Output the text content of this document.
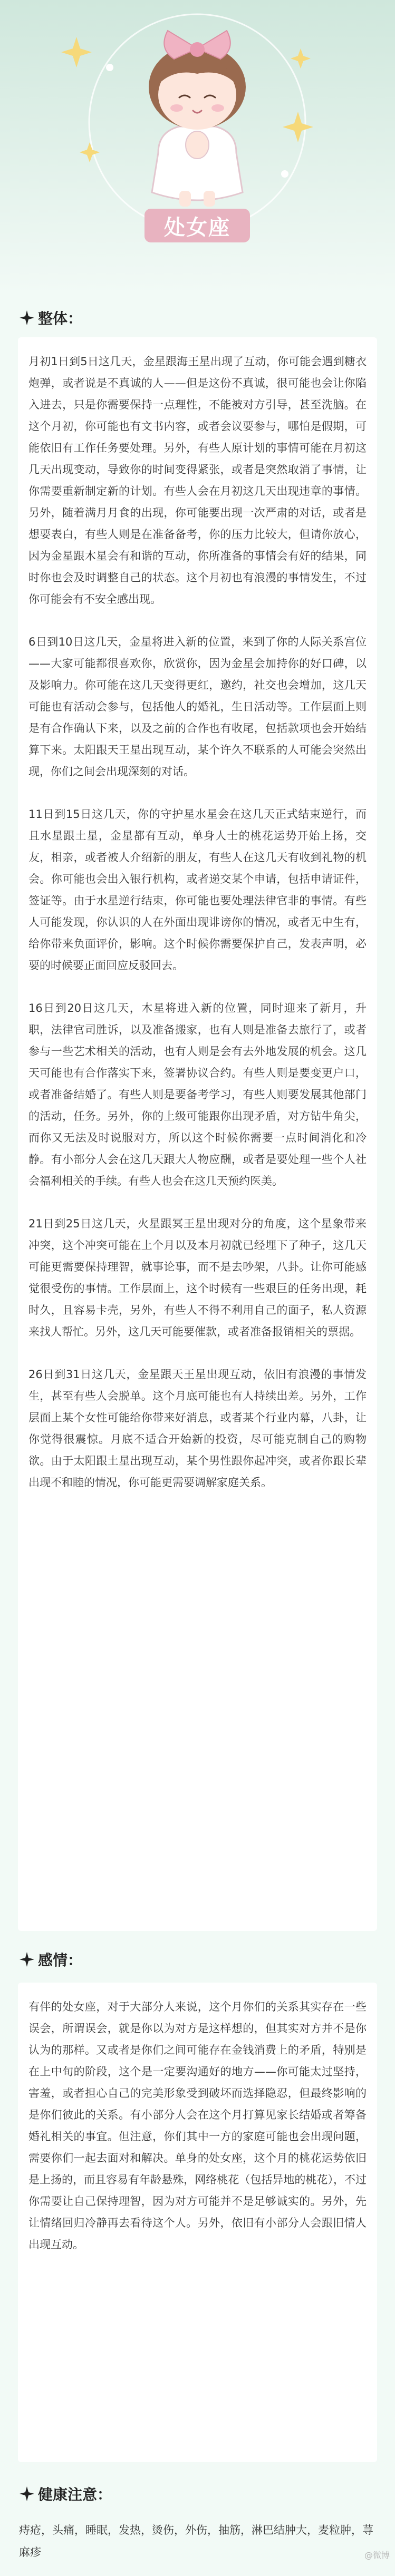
处女座
整体：

月初1日到5日这几天，金星跟海王星出现了互动，你可能会遇到糖衣炮弹，或者说是不真诚的人——但是这份不真诚，很可能也会让你陷入进去，只是你需要保持一点理性，不能被对方引导，甚至洗脑。在这个月初，你可能也有文书内容，或者会议要参与，哪怕是假期，可能依旧有工作任务要处理。另外，有些人原计划的事情可能在月初这几天出现变动，导致你的时间变得紧张，或者是突然取消了事情，让你需要重新制定新的计划。有些人会在月初这几天出现违章的事情。另外，随着满月月食的出现，你可能要出现一次严肃的对话，或者是想要表白，有些人则是在准备备考，你的压力比较大，但请你放心，因为金星跟木星会有和谐的互动，你所准备的事情会有好的结果，同时你也会及时调整自己的状态。这个月初也有浪漫的事情发生，不过你可能会有不安全感出现。

6日到10日这几天，金星将进入新的位置，来到了你的人际关系宫位——大家可能都很喜欢你，欣赏你，因为金星会加持你的好口碑，以及影响力。你可能在这几天变得更红，邀约，社交也会增加，这几天可能也有活动会参与，包括他人的婚礼，生日活动等。工作层面上则是有合作确认下来，以及之前的合作也有收尾，包括款项也会开始结算下来。太阳跟天王星出现互动，某个许久不联系的人可能会突然出现，你们之间会出现深刻的对话。

11日到15日这几天，你的守护星水星会在这几天正式结束逆行，而且水星跟土星，金星都有互动，单身人士的桃花运势开始上扬，交友，相亲，或者被人介绍新的朋友，有些人在这几天有收到礼物的机会。你可能也会出入银行机构，或者递交某个申请，包括申请证件，签证等。由于水星逆行结束，你可能也要处理法律官非的事情。有些人可能发现，你认识的人在外面出现诽谤你的情况，或者无中生有，给你带来负面评价，影响。这个时候你需要保护自己，发表声明，必要的时候要正面回应反驳回去。

16日到20日这几天，木星将进入新的位置，同时迎来了新月，升职，法律官司胜诉，以及准备搬家，也有人则是准备去旅行了，或者参与一些艺术相关的活动，也有人则是会有去外地发展的机会。这几天可能也有合作落实下来，签署协议合约。有些人则是要变更户口，或者准备结婚了。有些人则是要备考学习，有些人则要发展其他部门的活动，任务。另外，你的上级可能跟你出现矛盾，对方钻牛角尖，而你又无法及时说服对方，所以这个时候你需要一点时间消化和冷静。有小部分人会在这几天跟大人物应酬，或者是要处理一些个人社会福利相关的手续。有些人也会在这几天预约医美。

21日到25日这几天，火星跟冥王星出现对分的角度，这个星象带来冲突，这个冲突可能在上个月以及本月初就已经埋下了种子，这几天可能更需要保持理智，就事论事，而不是去吵架，八卦。让你可能感觉很受伤的事情。工作层面上，这个时候有一些艰巨的任务出现，耗时久，且容易卡壳，另外，有些人不得不利用自己的面子，私人资源来找人帮忙。另外，这几天可能要催款，或者准备报销相关的票据。

26日到31日这几天，金星跟天王星出现互动，依旧有浪漫的事情发生，甚至有些人会脱单。这个月底可能也有人持续出差。另外，工作层面上某个女性可能给你带来好消息，或者某个行业内幕，八卦，让你觉得很震惊。月底不适合开始新的投资，尽可能克制自己的购物欲。由于太阳跟土星出现互动，某个男性跟你起冲突，或者你跟长辈出现不和睦的情况，你可能更需要调解家庭关系。

感情：

有伴的处女座，对于大部分人来说，这个月你们的关系其实存在一些误会，所谓误会，就是你以为对方是这样想的，但其实对方并不是你认为的那样。又或者是你们之间可能存在金钱消费上的矛盾，特别是在上中旬的阶段，这个是一定要沟通好的地方——你可能太过坚持，害羞，或者担心自己的完美形象受到破坏而选择隐忍，但最终影响的是你们彼此的关系。有小部分人会在这个月打算见家长结婚或者筹备婚礼相关的事宜。但注意，你们其中一方的家庭可能也会出现问题，需要你们一起去面对和解决。单身的处女座，这个月的桃花运势依旧是上扬的，而且容易有年龄悬殊，网络桃花（包括异地的桃花），不过你需要让自己保持理智，因为对方可能并不是足够诚实的。另外，先让情绪回归冷静再去看待这个人。另外，依旧有小部分人会跟旧情人出现互动。

健康注意：
痔疮，头痛，睡眠，发热，烫伤，外伤，抽筋，淋巴结肿大，麦粒肿，荨麻疹	@微博
